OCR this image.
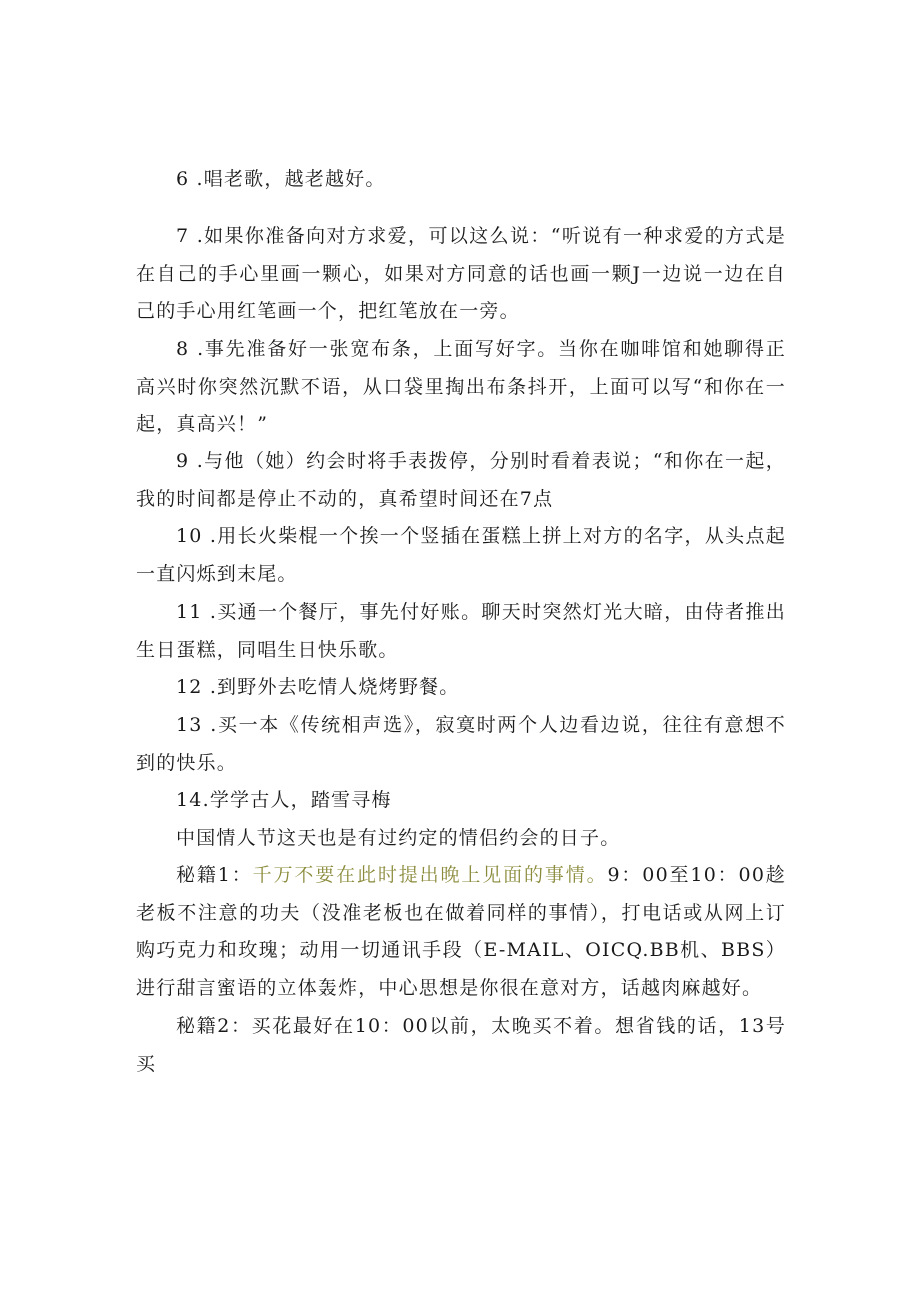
6 .唱老歌，越老越好。

7 .如果你准备向对方求爱，可以这么说：“听说有一种求爱的方式是在自己的手心里画一颗心，如果对方同意的话也画一颗J一边说一边在自己的手心用红笔画一个，把红笔放在一旁。

8 .事先准备好一张宽布条，上面写好字。当你在咖啡馆和她聊得正高兴时你突然沉默不语，从口袋里掏出布条抖开，上面可以写“和你在一起，真高兴！”

9 .与他（她）约会时将手表拨停，分别时看着表说；“和你在一起，我的时间都是停止不动的，真希望时间还在7点

10 .用长火柴棍一个挨一个竖插在蛋糕上拼上对方的名字，从头点起一直闪烁到末尾。

11 .买通一个餐厅，事先付好账。聊天时突然灯光大暗，由侍者推出生日蛋糕，同唱生日快乐歌。

12 .到野外去吃情人烧烤野餐。

13 .买一本《传统相声选》，寂寞时两个人边看边说，往往有意想不到的快乐。

14.学学古人，踏雪寻梅

中国情人节这天也是有过约定的情侣约会的日子。

秘籍1：千万不要在此时提出晚上见面的事情。9：00至10：00趁老板不注意的功夫（没准老板也在做着同样的事情），打电话或从网上订购巧克力和玫瑰；动用一切通讯手段（E-MAIL、OICQ.BB机、BBS）进行甜言蜜语的立体轰炸，中心思想是你很在意对方，话越肉麻越好。

秘籍2：买花最好在10：00以前，太晚买不着。想省钱的话，13号买
